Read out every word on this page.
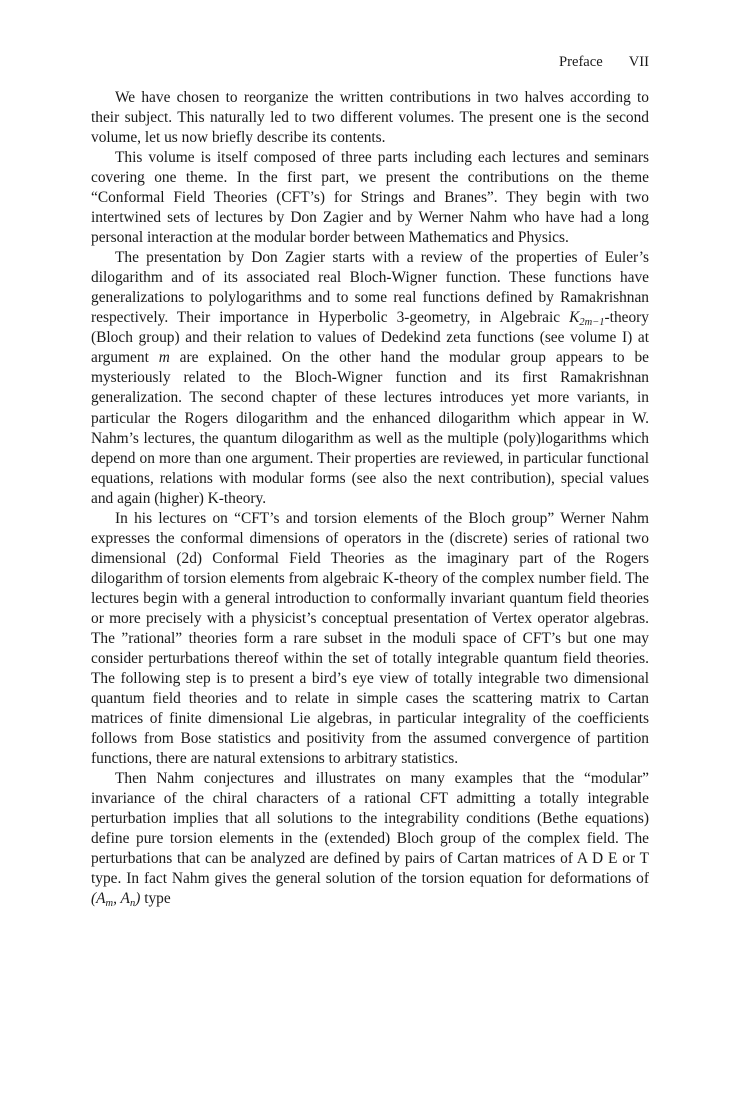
Preface VII

We have chosen to reorganize the written contributions in two halves according to their subject. This naturally led to two different volumes. The present one is the second volume, let us now briefly describe its contents.

This volume is itself composed of three parts including each lectures and seminars covering one theme. In the first part, we present the contributions on the theme “Conformal Field Theories (CFT’s) for Strings and Branes”. They begin with two intertwined sets of lectures by Don Zagier and by Werner Nahm who have had a long personal interaction at the modular border between Mathematics and Physics.

The presentation by Don Zagier starts with a review of the properties of Euler’s dilogarithm and of its associated real Bloch-Wigner function. These functions have generalizations to polylogarithms and to some real functions defined by Ramakrishnan respectively. Their importance in Hyperbolic 3-geometry, in Algebraic $K_{2m-1}$-theory (Bloch group) and their relation to values of Dedekind zeta functions (see volume I) at argument m are explained. On the other hand the modular group appears to be mysteriously related to the Bloch-Wigner function and its first Ramakrishnan generalization. The second chapter of these lectures introduces yet more variants, in particular the Rogers dilogarithm and the enhanced dilogarithm which appear in W. Nahm’s lectures, the quantum dilogarithm as well as the multiple (poly)logarithms which depend on more than one argument. Their properties are reviewed, in particular functional equations, relations with modular forms (see also the next contribution), special values and again (higher) K-theory.

In his lectures on “CFT’s and torsion elements of the Bloch group” Werner Nahm expresses the conformal dimensions of operators in the (discrete) series of rational two dimensional (2d) Conformal Field Theories as the imaginary part of the Rogers dilogarithm of torsion elements from algebraic K-theory of the complex number field. The lectures begin with a general introduction to conformally invariant quantum field theories or more precisely with a physicist’s conceptual presentation of Vertex operator algebras. The ”rational” theories form a rare subset in the moduli space of CFT’s but one may consider perturbations thereof within the set of totally integrable quantum field theories. The following step is to present a bird’s eye view of totally integrable two dimensional quantum field theories and to relate in simple cases the scattering matrix to Cartan matrices of finite dimensional Lie algebras, in particular integrality of the coefficients follows from Bose statistics and positivity from the assumed convergence of partition functions, there are natural extensions to arbitrary statistics.

Then Nahm conjectures and illustrates on many examples that the “modular” invariance of the chiral characters of a rational CFT admitting a totally integrable perturbation implies that all solutions to the integrability conditions (Bethe equations) define pure torsion elements in the (extended) Bloch group of the complex field. The perturbations that can be analyzed are defined by pairs of Cartan matrices of A D E or T type. In fact Nahm gives the general solution of the torsion equation for deformations of ($A_m$, $A_n$) type
